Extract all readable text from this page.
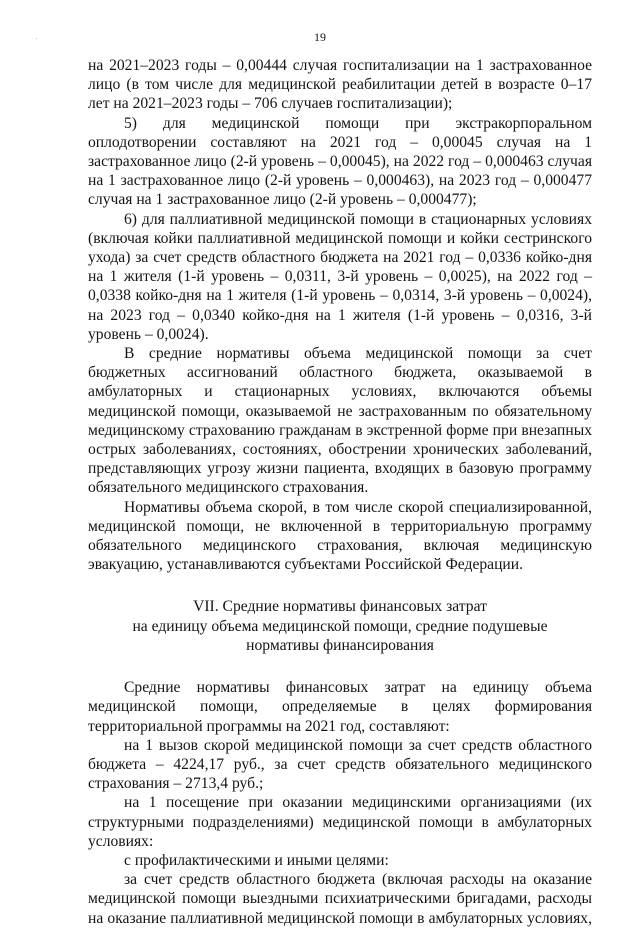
19

на 2021–2023 годы – 0,00444 случая госпитализации на 1 застрахованное лицо (в том числе для медицинской реабилитации детей в возрасте 0–17 лет на 2021–2023 годы – 706 случаев госпитализации);

5) для медицинской помощи при экстракорпоральном оплодотворении составляют на 2021 год – 0,00045 случая на 1 застрахованное лицо (2-й уровень – 0,00045), на 2022 год – 0,000463 случая на 1 застрахованное лицо (2-й уровень – 0,000463), на 2023 год – 0,000477 случая на 1 застрахованное лицо (2-й уровень – 0,000477);

6) для паллиативной медицинской помощи в стационарных условиях (включая койки паллиативной медицинской помощи и койки сестринского ухода) за счет средств областного бюджета на 2021 год – 0,0336 койко-дня на 1 жителя (1-й уровень – 0,0311, 3-й уровень – 0,0025), на 2022 год – 0,0338 койко-дня на 1 жителя (1-й уровень – 0,0314, 3-й уровень – 0,0024), на 2023 год – 0,0340 койко-дня на 1 жителя (1-й уровень – 0,0316, 3-й уровень – 0,0024).

В средние нормативы объема медицинской помощи за счет бюджетных ассигнований областного бюджета, оказываемой в амбулаторных и стационарных условиях, включаются объемы медицинской помощи, оказываемой не застрахованным по обязательному медицинскому страхованию гражданам в экстренной форме при внезапных острых заболеваниях, состояниях, обострении хронических заболеваний, представляющих угрозу жизни пациента, входящих в базовую программу обязательного медицинского страхования.

Нормативы объема скорой, в том числе скорой специализированной, медицинской помощи, не включенной в территориальную программу обязательного медицинского страхования, включая медицинскую эвакуацию, устанавливаются субъектами Российской Федерации.

VII. Средние нормативы финансовых затрат
на единицу объема медицинской помощи, средние подушевые
нормативы финансирования

Средние нормативы финансовых затрат на единицу объема медицинской помощи, определяемые в целях формирования территориальной программы на 2021 год, составляют:

на 1 вызов скорой медицинской помощи за счет средств областного бюджета – 4224,17 руб., за счет средств обязательного медицинского страхования – 2713,4 руб.;

на 1 посещение при оказании медицинскими организациями (их структурными подразделениями) медицинской помощи в амбулаторных условиях:

с профилактическими и иными целями:

за счет средств областного бюджета (включая расходы на оказание медицинской помощи выездными психиатрическими бригадами, расходы на оказание паллиативной медицинской помощи в амбулаторных условиях,
